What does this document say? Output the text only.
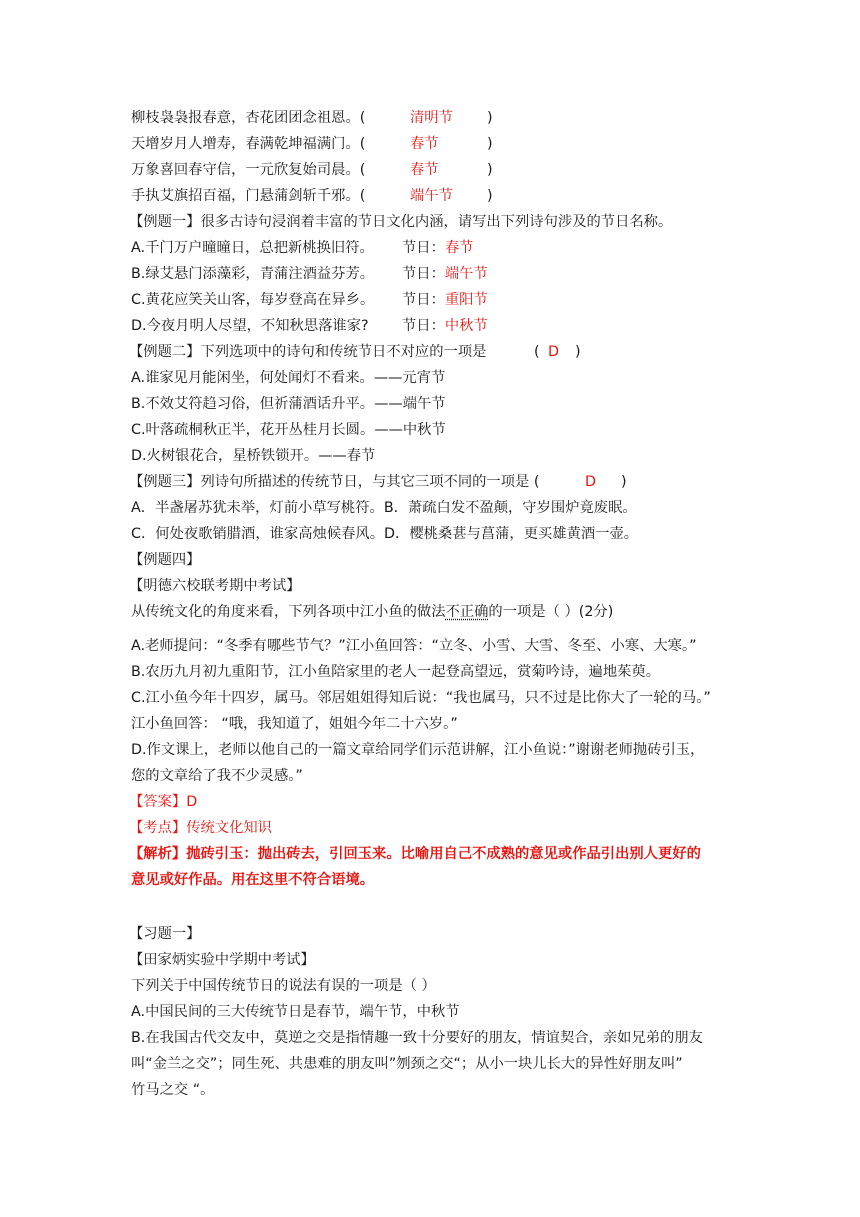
柳枝袅袅报春意，杏花团团念祖恩。(	清明节 )
天增岁月人增寿，春满乾坤福满门。(	春节	)
万象喜回春守信，一元欣复始司晨。(	春节	)
手执艾旗招百福，门悬蒲剑斩千邪。(	端午节 )
【例题一】很多古诗句浸润着丰富的节日文化内涵，请写出下列诗句涉及的节日名称。
A.千门万户曈曈日，总把新桃换旧符。 节日：春节
B.绿艾悬门添藻彩，青蒲注酒益芬芳。 节日：端午节
C.黄花应笑关山客，每岁登高在异乡。 节日：重阳节
D.今夜月明人尽望，不知秋思落谁家? 节日：中秋节
【例题二】下列选项中的诗句和传统节日不对应的一项是	( D )
A.谁家见月能闲坐，何处闻灯不看来。——元宵节
B.不效艾符趋习俗，但祈蒲酒话升平。——端午节
C.叶落疏桐秋正半，花开丛桂月长圆。——中秋节
D.火树银花合，星桥铁锁开。——春节
【例题三】列诗句所描述的传统节日，与其它三项不同的一项是 (	D )
A．半盏屠苏犹未举，灯前小草写桃符。B．萧疏白发不盈颠，守岁围炉竟废眠。
C．何处夜歌销腊酒，谁家高烛候春风。D．樱桃桑葚与菖蒲，更买雄黄酒一壶。
【例题四】
【明德六校联考期中考试】
从传统文化的角度来看，下列各项中江小鱼的做法不正确的一项是（ ）(2分)
A.老师提问：“冬季有哪些节气？”江小鱼回答：“立冬、小雪、大雪、冬至、小寒、大寒。”
B.农历九月初九重阳节，江小鱼陪家里的老人一起登高望远，赏菊吟诗，遍地茱萸。
C.江小鱼今年十四岁，属马。邻居姐姐得知后说：“我也属马，只不过是比你大了一轮的马。”
江小鱼回答： “哦，我知道了，姐姐今年二十六岁。”
D.作文课上，老师以他自己的一篇文章给同学们示范讲解，江小鱼说：”谢谢老师抛砖引玉，
您的文章给了我不少灵感。”
【答案】D
【考点】传统文化知识
【解析】抛砖引玉：抛出砖去，引回玉来。比喻用自己不成熟的意见或作品引出别人更好的
意见或好作品。用在这里不符合语境。
【习题一】
【田家炳实验中学期中考试】
下列关于中国传统节日的说法有误的一项是（ ）
A.中国民间的三大传统节日是春节，端午节，中秋节
B.在我国古代交友中，莫逆之交是指情趣一致十分要好的朋友，情谊契合，亲如兄弟的朋友
叫“金兰之交”；同生死、共患难的朋友叫”刎颈之交“；从小一块儿长大的异性好朋友叫”
竹马之交 “。
